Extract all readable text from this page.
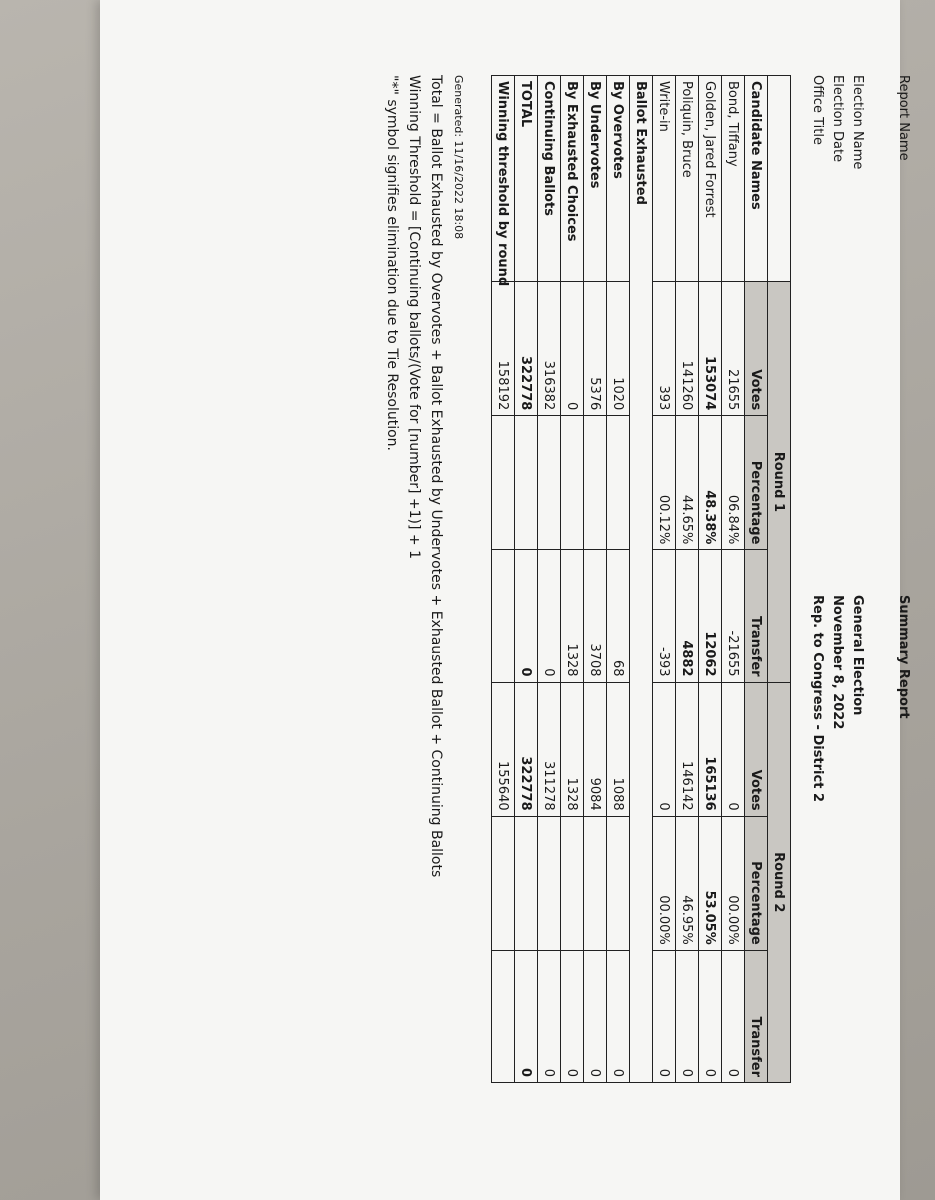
Report Name
Summary Report
Election Name
General Election
Election Date
November 8, 2022
Office Title
Rep. to Congress - District 2
	Round 1			Round 2		
Candidate Names	Votes	Percentage	Transfer	Votes	Percentage	Transfer
Bond, Tiffany	21655	06.84%	-21655	0	00.00%	0
Golden, Jared Forrest	153074	48.38%	12062	165136	53.05%	0
Poliquin, Bruce	141260	44.65%	4882	146142	46.95%	0
Write-in	393	00.12%	-393	0	00.00%	0
Ballot Exhausted						
By Overvotes	1020		68	1088		0
By Undervotes	5376		3708	9084		0
By Exhausted Choices	0		1328	1328		0
Continuing Ballots	316382		0	311278		0
TOTAL	322778		0	322778		0
Winning threshold by round	158192			155640		
Generated: 11/16/2022 18:08
Total = Ballot Exhausted by Overvotes + Ballot Exhausted by Undervotes + Exhausted Ballot + Continuing Ballots
Winning Threshold = [Continuing ballots/(Vote for [number] +1)] + 1
"*" symbol signifies elimination due to Tie Resolution.
